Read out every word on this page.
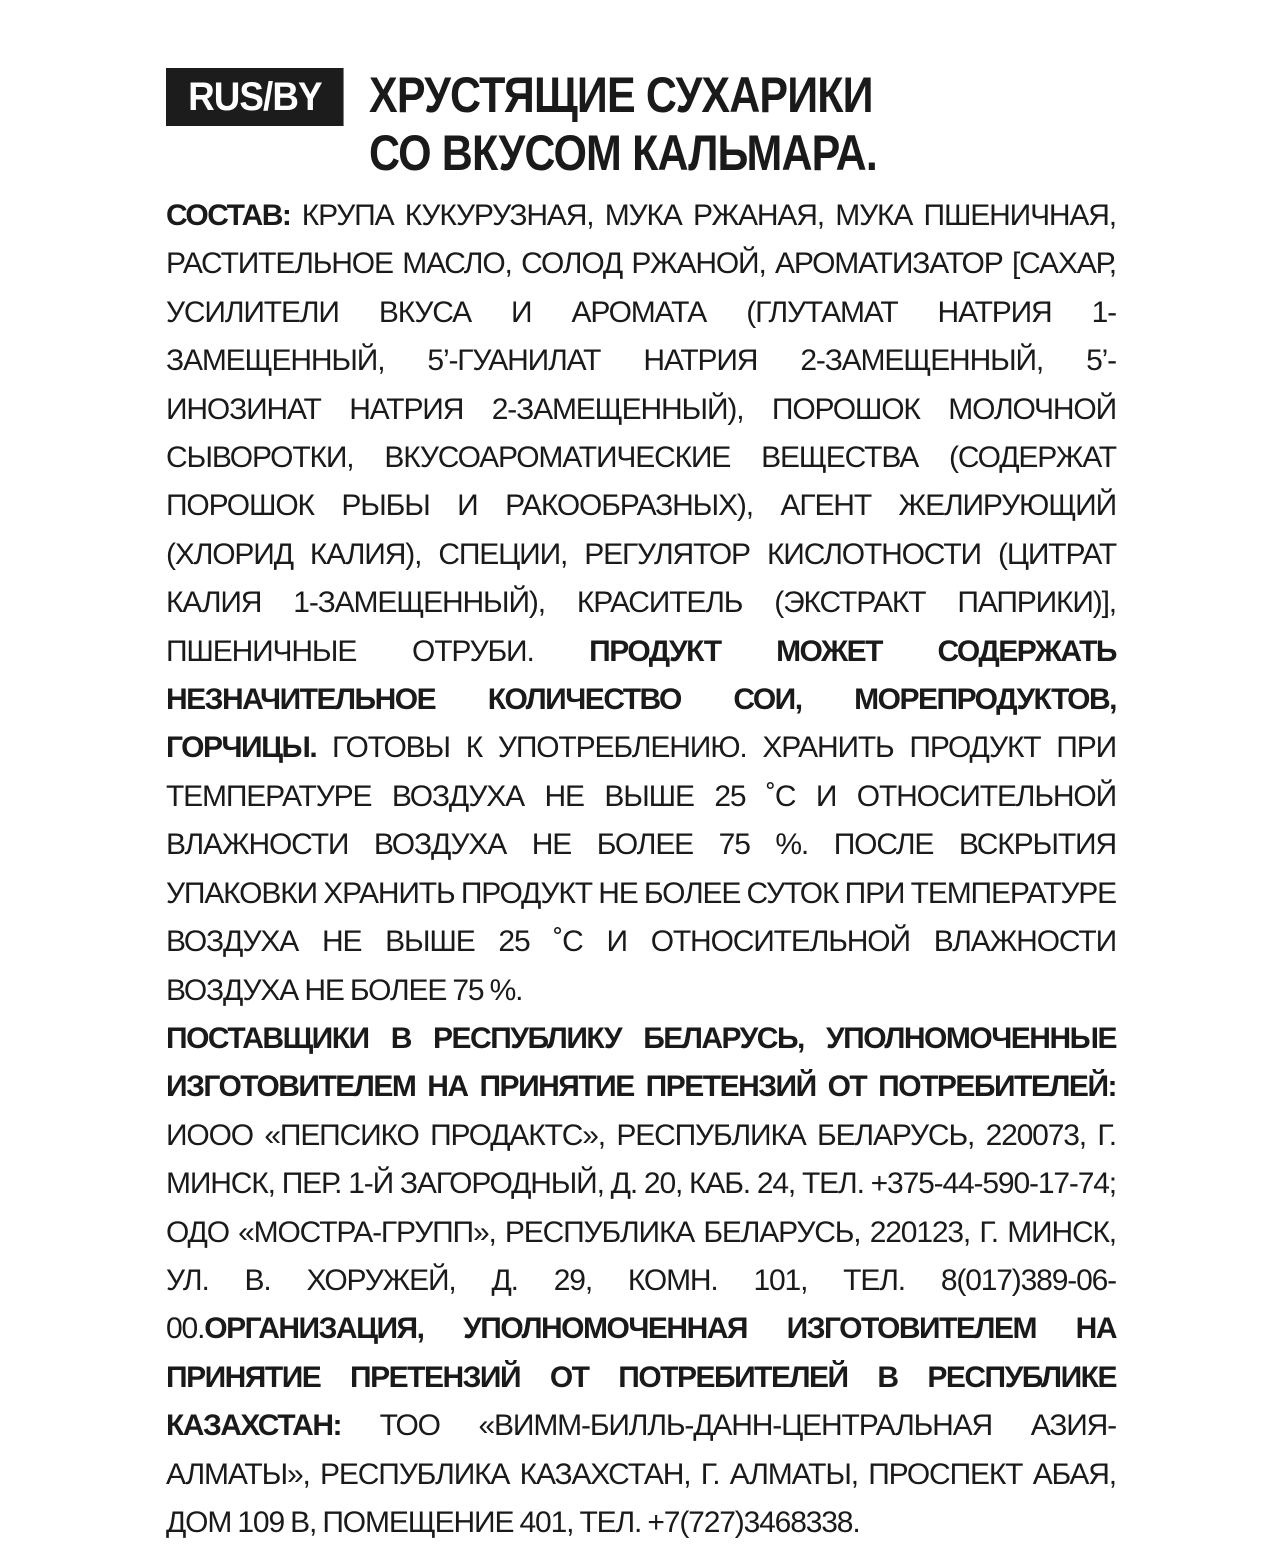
RUS/BY ХРУСТЯЩИЕ СУХАРИКИ
СО ВКУСОМ КАЛЬМАРА.

СОСТАВ: КРУПА КУКУРУЗНАЯ, МУКА РЖАНАЯ, МУКА ПШЕНИЧНАЯ, РАСТИТЕЛЬНОЕ МАСЛО, СОЛОД РЖАНОЙ, АРОМАТИЗАТОР [САХАР, УСИЛИТЕЛИ ВКУСА И АРОМАТА (ГЛУТАМАТ НАТРИЯ 1-ЗАМЕЩЕННЫЙ, 5’-ГУАНИЛАТ НАТРИЯ 2-ЗАМЕЩЕННЫЙ, 5’-ИНОЗИНАТ НАТРИЯ 2-ЗАМЕЩЕННЫЙ), ПОРОШОК МОЛОЧНОЙ СЫВОРОТКИ, ВКУСОАРОМАТИЧЕСКИЕ ВЕЩЕСТВА (СОДЕРЖАТ ПОРОШОК РЫБЫ И РАКООБРАЗНЫХ), АГЕНТ ЖЕЛИРУЮЩИЙ (ХЛОРИД КАЛИЯ), СПЕЦИИ, РЕГУЛЯТОР КИСЛОТНОСТИ (ЦИТРАТ КАЛИЯ 1-ЗАМЕЩЕННЫЙ), КРАСИТЕЛЬ (ЭКСТРАКТ ПАПРИКИ)], ПШЕНИЧНЫЕ ОТРУБИ. ПРОДУКТ МОЖЕТ СОДЕРЖАТЬ НЕЗНАЧИТЕЛЬНОЕ КОЛИЧЕСТВО СОИ, МОРЕПРОДУКТОВ, ГОРЧИЦЫ. ГОТОВЫ К УПОТРЕБЛЕНИЮ. ХРАНИТЬ ПРОДУКТ ПРИ ТЕМПЕРАТУРЕ ВОЗДУХА НЕ ВЫШЕ 25 ˚С И ОТНОСИТЕЛЬНОЙ ВЛАЖНОСТИ ВОЗДУХА НЕ БОЛЕЕ 75 %. ПОСЛЕ ВСКРЫТИЯ УПАКОВКИ ХРАНИТЬ ПРОДУКТ НЕ БОЛЕЕ СУТОК ПРИ ТЕМПЕРАТУРЕ ВОЗДУХА НЕ ВЫШЕ 25 ˚С И ОТНОСИТЕЛЬНОЙ ВЛАЖНОСТИ ВОЗДУХА НЕ БОЛЕЕ 75 %.

ПОСТАВЩИКИ В РЕСПУБЛИКУ БЕЛАРУСЬ, УПОЛНОМОЧЕННЫЕ ИЗГОТОВИТЕЛЕМ НА ПРИНЯТИЕ ПРЕТЕНЗИЙ ОТ ПОТРЕБИТЕЛЕЙ: ИООО «ПЕПСИКО ПРОДАКТС», РЕСПУБЛИКА БЕЛАРУСЬ, 220073, Г. МИНСК, ПЕР. 1-Й ЗАГОРОДНЫЙ, Д. 20, КАБ. 24, ТЕЛ. +375-44-590-17-74; ОДО «МОСТРА-ГРУПП», РЕСПУБЛИКА БЕЛАРУСЬ, 220123, Г. МИНСК, УЛ. В. ХОРУЖЕЙ, Д. 29, КОМН. 101, ТЕЛ. 8(017)389-06-00.ОРГАНИЗАЦИЯ, УПОЛНОМОЧЕННАЯ ИЗГОТОВИТЕЛЕМ НА ПРИНЯТИЕ ПРЕТЕНЗИЙ ОТ ПОТРЕБИТЕЛЕЙ В РЕСПУБЛИКЕ КАЗАХСТАН: ТОО «ВИММ-БИЛЛЬ-ДАНН-ЦЕНТРАЛЬНАЯ АЗИЯ-АЛМАТЫ», РЕСПУБЛИКА КАЗАХСТАН, Г. АЛМАТЫ, ПРОСПЕКТ АБАЯ, ДОМ 109 В, ПОМЕЩЕНИЕ 401, ТЕЛ. +7(727)3468338.
